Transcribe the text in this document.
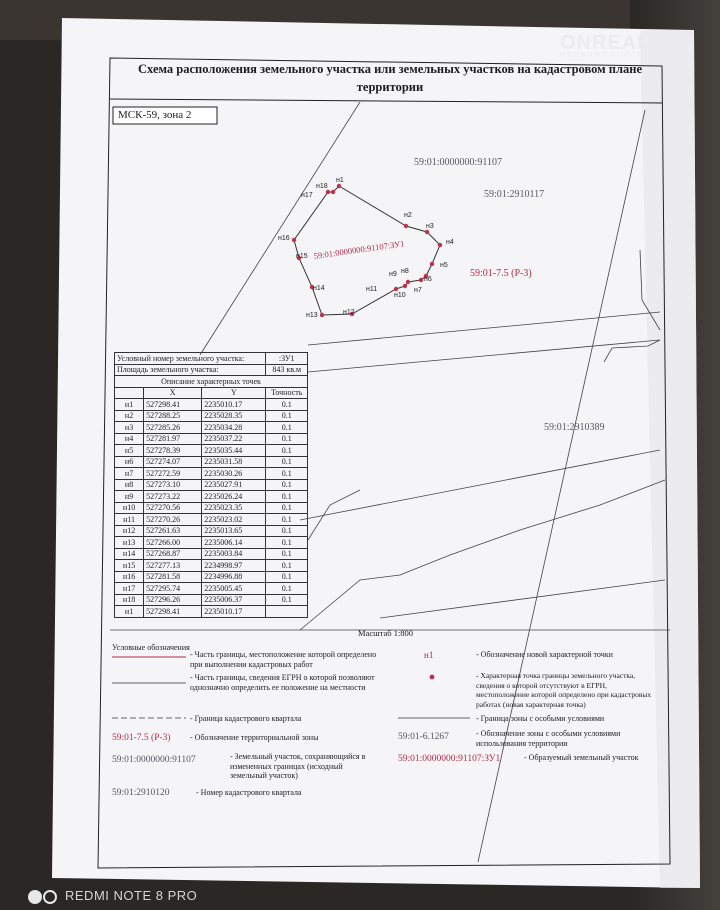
ONREAL
НЕДВИЖИМОСТЬ
Схема расположения земельного участка или земельных участков на кадастровом плане территории
МСК-59, зона 2
59:01:0000000:91107
59:01:2910117
59:01-7.5 (Р-3)
59:01:2910389
59:01:0000000:91107:ЗУ1
н1
н2
н3
н4
н5
н6
н7
н8
н9
н10
н11
н12
н13
н14
н15
н16
н17
н18
Условный номер земельного участка:			:ЗУ1
Площадь земельного участка:			843 кв.м
Описание характерных точек			
	X	Y	Точность
н1	527298.41	2235010.17	0.1
н2	527288.25	2235028.35	0.1
н3	527285.26	2235034.28	0.1
н4	527281.97	2235037.22	0.1
н5	527278.39	2235035.44	0.1
н6	527274.07	2235031.58	0.1
н7	527272.59	2235030.26	0.1
н8	527273.10	2235027.91	0.1
н9	527273.22	2235026.24	0.1
н10	527270.56	2235023.35	0.1
н11	527270.26	2235023.02	0.1
н12	527261.63	2235013.65	0.1
н13	527266.00	2235006.14	0.1
н14	527268.87	2235003.84	0.1
н15	527277.13	2234998.97	0.1
н16	527281.58	2234996.88	0.1
н17	527295.74	2235005.45	0.1
н18	527296.26	2235006.37	0.1
н1	527298.41	2235010.17	
Масштаб 1:800
Условные обозначения
- Часть границы, местоположение которой определено при выполнении кадастровых работ
- Часть границы, сведения ЕГРН о которой позволяют однозначно определить ее положение на местности
- Граница кадастрового квартала
59:01-7.5 (Р-3) - Обозначение территориальной зоны
59:01:0000000:91107	- Земельный участок, сохраняющийся в измененных границах (исходный земельный участок)
59:01:2910120	- Номер кадастрового квартала
н1	- Обозначение новой характерной точки
- Характерная точка границы земельного участка, сведения о которой отсутствуют в ЕГРН, местоположение которой определено при кадастровых работах (новая характерная точка)
- Граница зоны с особыми условиями
59:01-6.1267	- Обозначение зоны с особыми условиями использования территории
59:01:0000000:91107:ЗУ1	- Образуемый земельный участок
REDMI NOTE 8 PRO
